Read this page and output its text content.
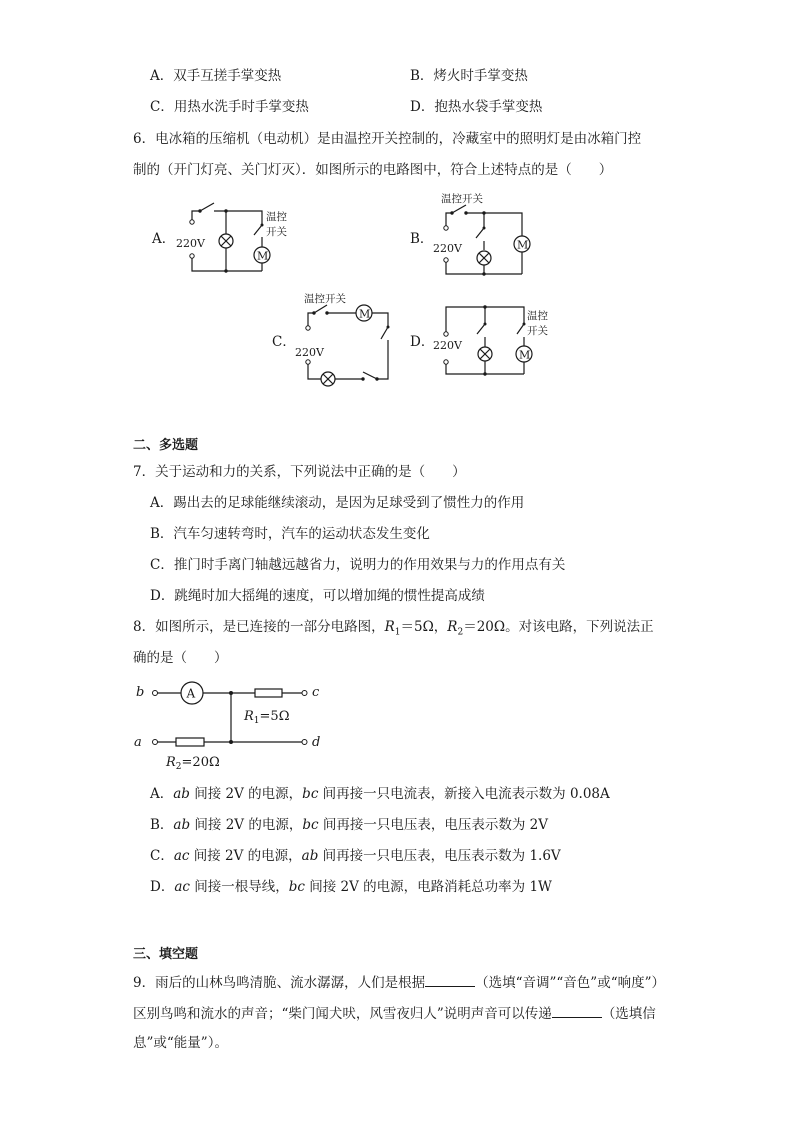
A．双手互搓手掌变热	B．烤火时手掌变热
C．用热水洗手时手掌变热	D．抱热水袋手掌变热
6．电冰箱的压缩机（电动机）是由温控开关控制的，冷藏室中的照明灯是由冰箱门控
制的（开门灯亮、关门灯灭）．如图所示的电路图中，符合上述特点的是（　　）
A．
M
220V
温控
开关	B．
温控开关
M
220V
C．
温控开关
M
220V
D．
M
220V
温控
开关
二、多选题
7．关于运动和力的关系，下列说法中正确的是（　　）
A．踢出去的足球能继续滚动，是因为足球受到了惯性力的作用
B．汽车匀速转弯时，汽车的运动状态发生变化
C．推门时手离门轴越远越省力，说明力的作用效果与力的作用点有关
D．跳绳时加大摇绳的速度，可以增加绳的惯性提高成绩
8．如图所示，是已连接的一部分电路图，$R_1=5\Omega$，$R_2=20\Omega$。对该电路，下列说法正
确的是（　　）
b	A	c
$R_1=5\Omega$
a	d
$R_2=20\Omega$
A．ab 间接 2V 的电源，bc 间再接一只电流表，新接入电流表示数为 0.08A
B．ab 间接 2V 的电源，bc 间再接一只电压表，电压表示数为 2V
C．ac 间接 2V 的电源，ab 间再接一只电压表，电压表示数为 1.6V
D．ac 间接一根导线，bc 间接 2V 的电源，电路消耗总功率为 1W
三、填空题
9．雨后的山林鸟鸣清脆、流水潺潺，人们是根据	（选填“音调”“音色”或“响度”）
区别鸟鸣和流水的声音；“柴门闻犬吠，风雪夜归人”说明声音可以传递	（选填信
息”或“能量”）。
